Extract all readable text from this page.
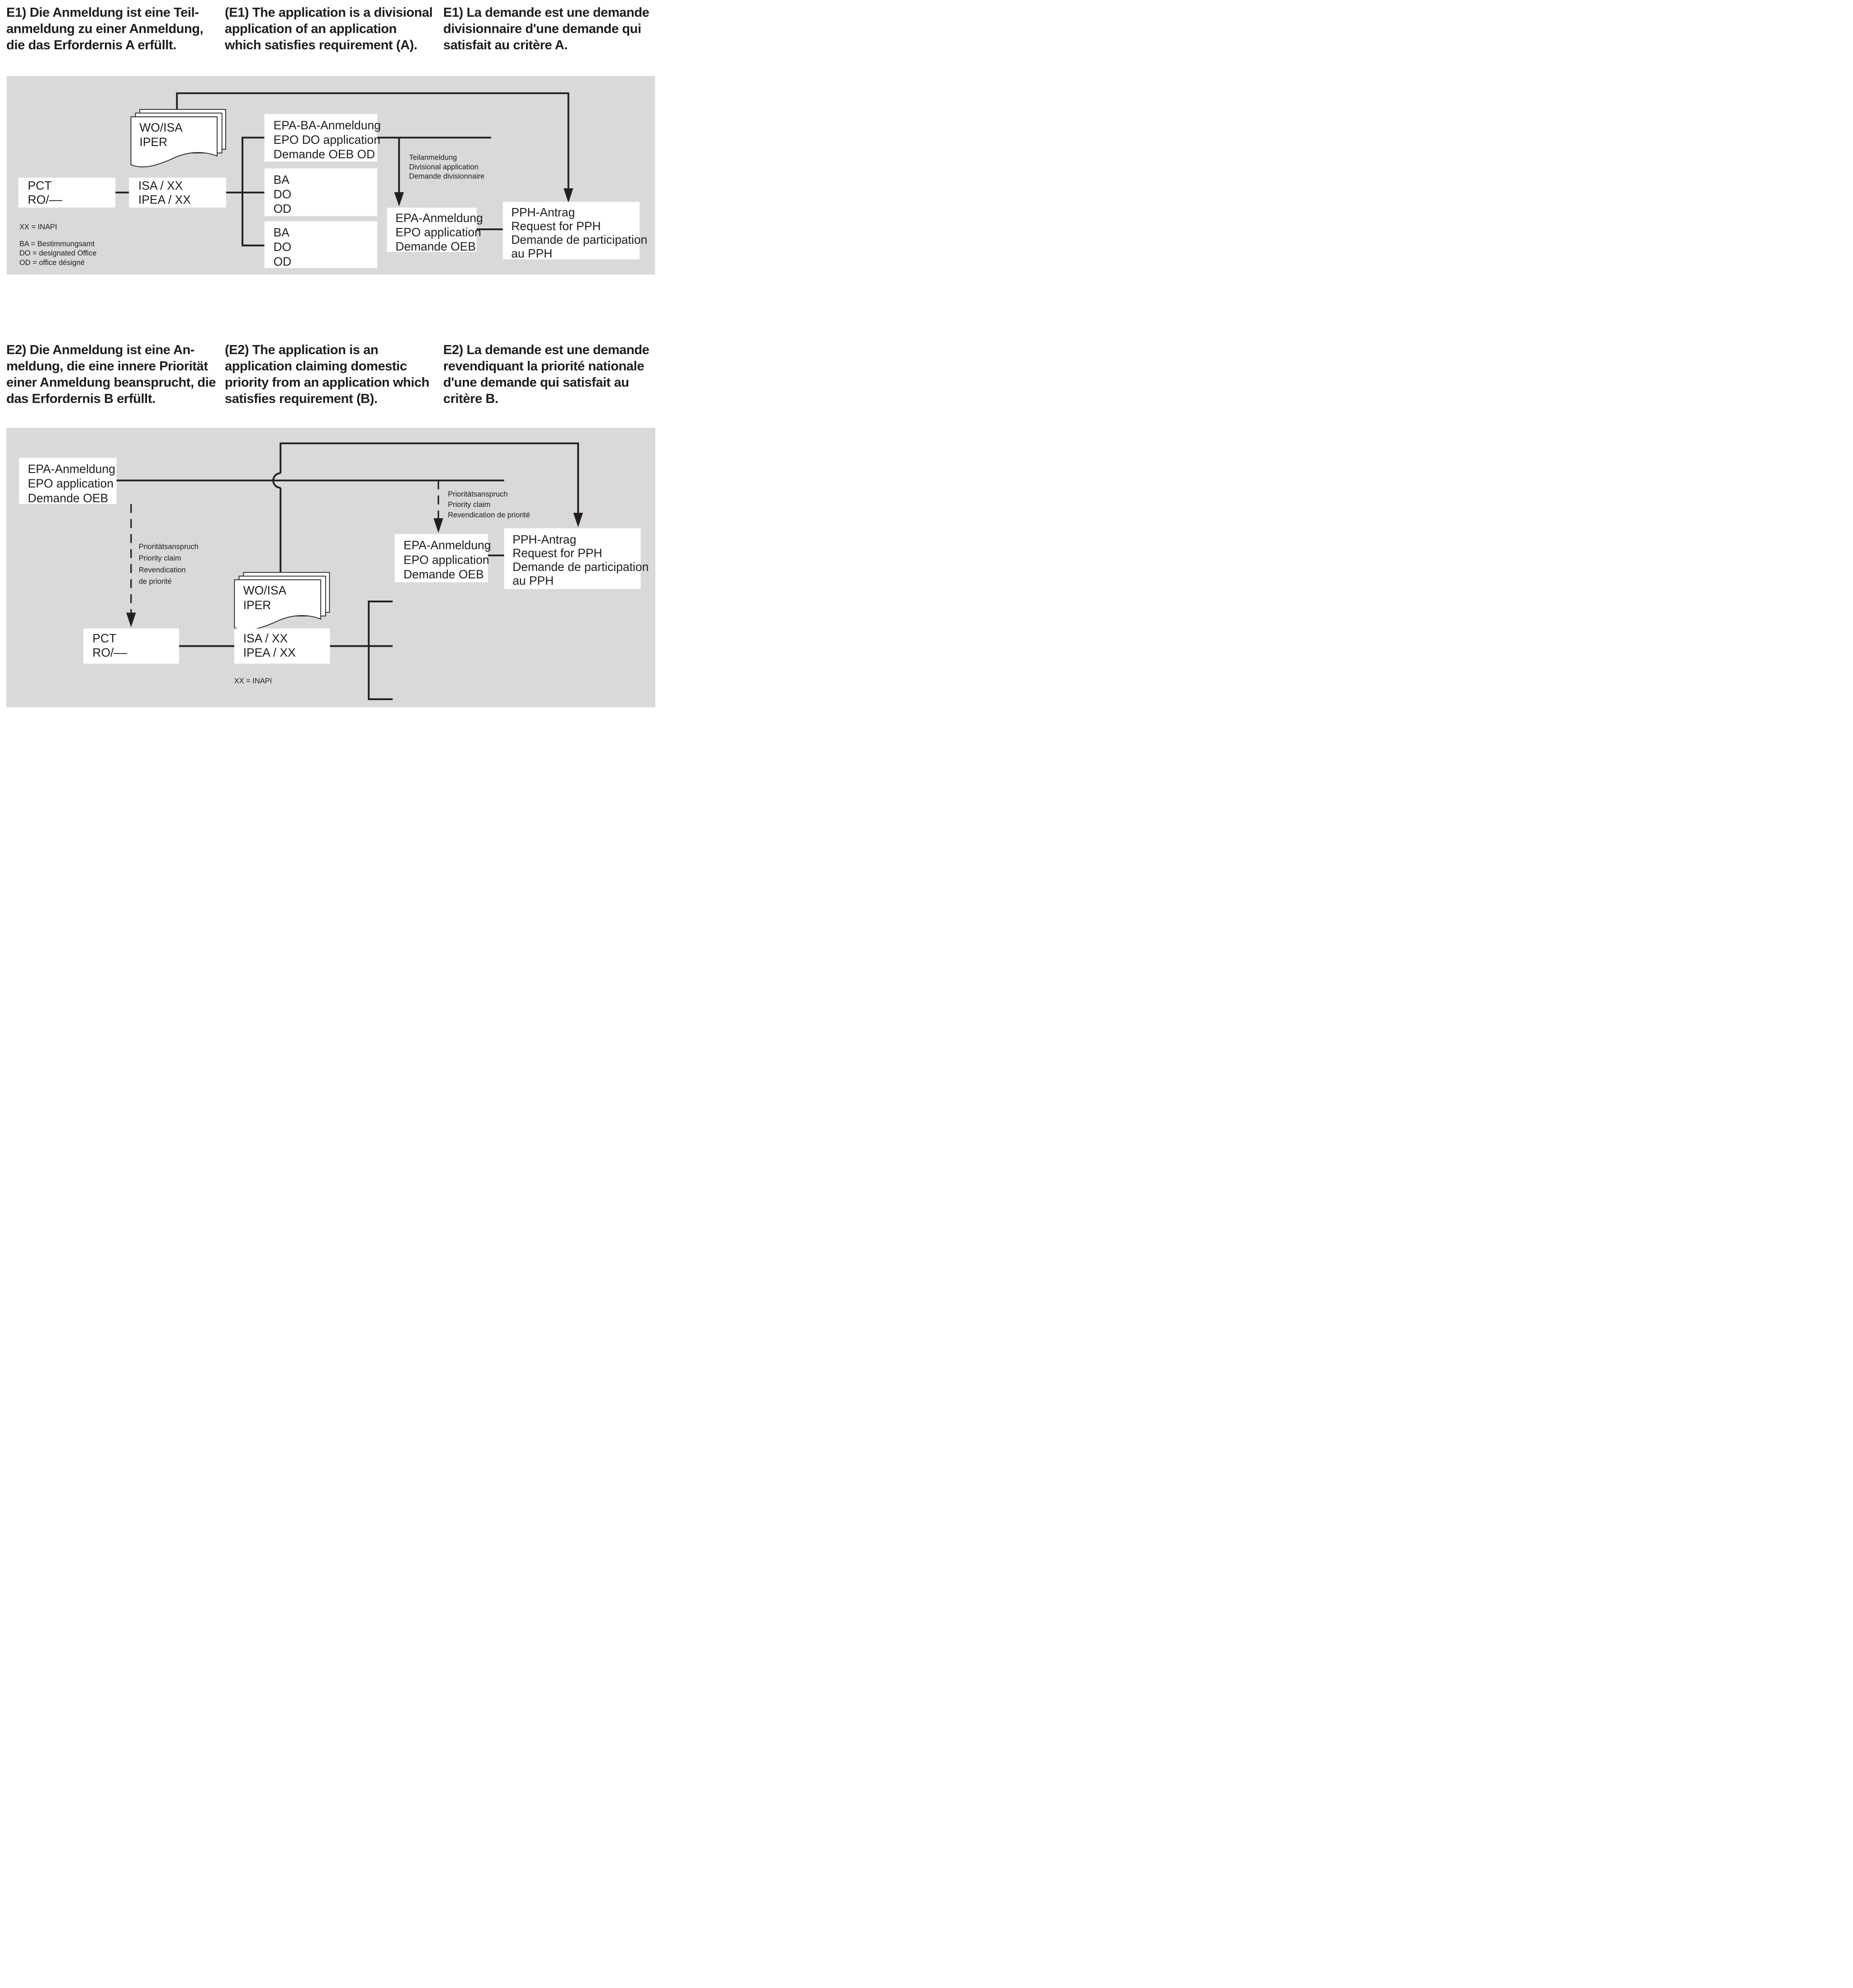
E1) Die Anmeldung ist eine Teil-
anmeldung zu einer Anmeldung,
die das Erfordernis A erfüllt.
(E1) The application is a divisional
application of an application
which satisfies requirement (A).
E1) La demande est une demande
divisionnaire d'une demande qui
satisfait au critère A.
WO/ISA
IPER
EPA-BA-Anmeldung
EPO DO application
Demande OEB OD
BA
DO
OD
BA
DO
OD
PCT
RO/––
ISA / XX
IPEA / XX
Teilanmeldung
Divisional application
Demande divisionnaire
EPA-Anmeldung
EPO application
Demande OEB
PPH-Antrag
Request for PPH
Demande de participation
au PPH
XX = INAPI
BA = Bestimmungsamt
DO = designated Office
OD = office désigné
E2) Die Anmeldung ist eine An-
meldung, die eine innere Priorität
einer Anmeldung beansprucht, die
das Erfordernis B erfüllt.
(E2) The application is an
application claiming domestic
priority from an application which
satisfies requirement (B).
E2) La demande est une demande
revendiquant la priorité nationale
d'une demande qui satisfait au
critère B.
EPA-Anmeldung
EPO application
Demande OEB
Prioritätsanspruch
Priority claim
Revendication
de priorité
Prioritätsanspruch
Priority claim
Revendication de priorité
WO/ISA
IPER
EPA-Anmeldung
EPO application
Demande OEB
PPH-Antrag
Request for PPH
Demande de participation
au PPH
PCT
RO/––
ISA / XX
IPEA / XX
XX = INAPI
